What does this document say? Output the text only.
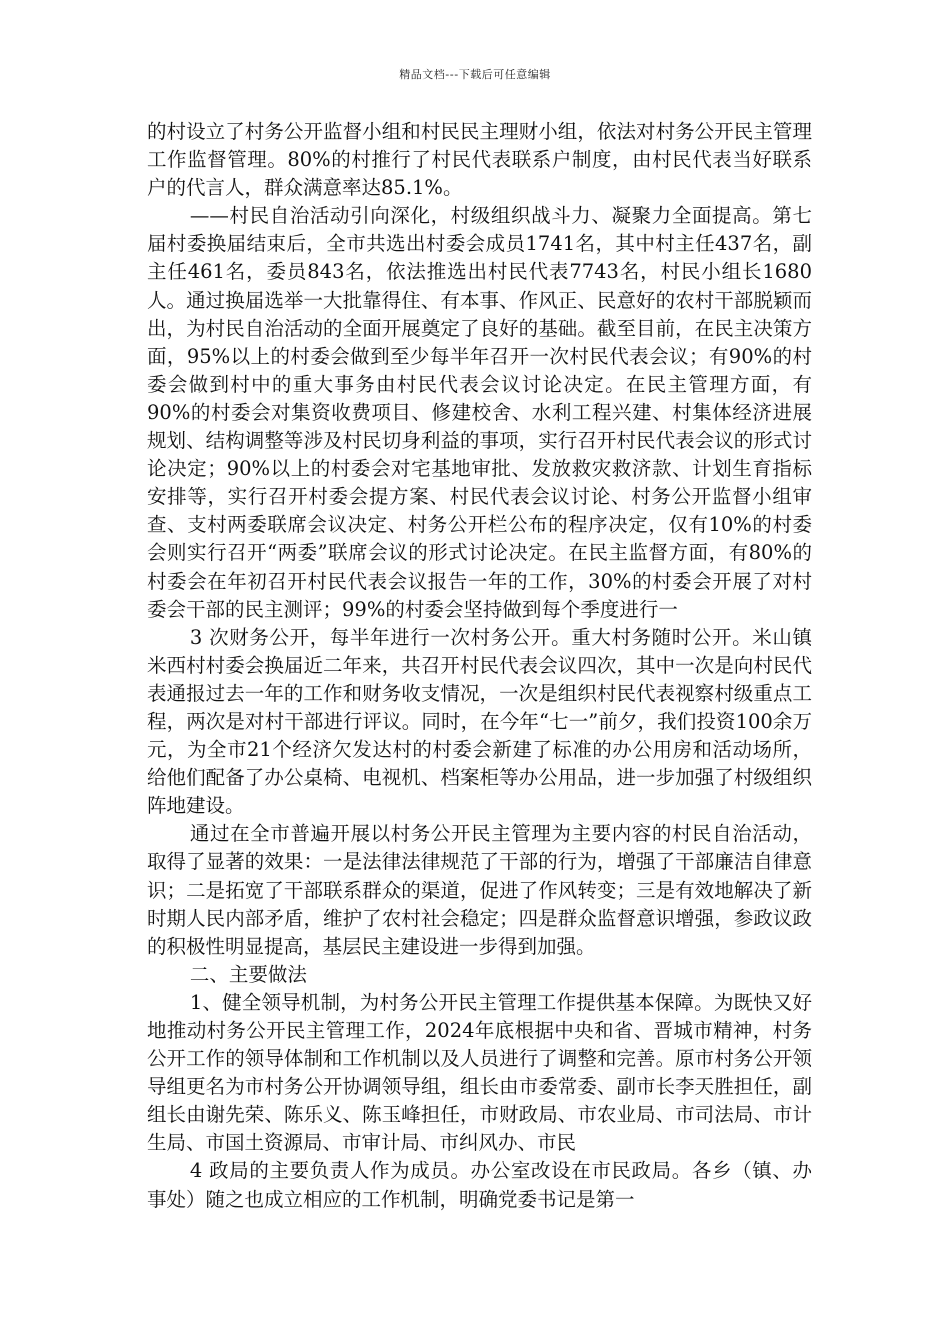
精品文档---下载后可任意编辑

的村设立了村务公开监督小组和村民民主理财小组，依法对村务公开民主管理工作监督管理。80%的村推行了村民代表联系户制度，由村民代表当好联系户的代言人，群众满意率达85.1%。

——村民自治活动引向深化，村级组织战斗力、凝聚力全面提高。第七届村委换届结束后，全市共选出村委会成员1741名，其中村主任437名，副主任461名，委员843名，依法推选出村民代表7743名，村民小组长1680人。通过换届选举一大批靠得住、有本事、作风正、民意好的农村干部脱颖而出，为村民自治活动的全面开展奠定了良好的基础。截至目前，在民主决策方面，95%以上的村委会做到至少每半年召开一次村民代表会议；有90%的村委会做到村中的重大事务由村民代表会议讨论决定。在民主管理方面，有90%的村委会对集资收费项目、修建校舍、水利工程兴建、村集体经济进展规划、结构调整等涉及村民切身利益的事项，实行召开村民代表会议的形式讨论决定；90%以上的村委会对宅基地审批、发放救灾救济款、计划生育指标安排等，实行召开村委会提方案、村民代表会议讨论、村务公开监督小组审查、支村两委联席会议决定、村务公开栏公布的程序决定，仅有10%的村委会则实行召开“两委”联席会议的形式讨论决定。在民主监督方面，有80%的村委会在年初召开村民代表会议报告一年的工作，30%的村委会开展了对村委会干部的民主测评；99%的村委会坚持做到每个季度进行一

3 次财务公开，每半年进行一次村务公开。重大村务随时公开。米山镇米西村村委会换届近二年来，共召开村民代表会议四次，其中一次是向村民代表通报过去一年的工作和财务收支情况，一次是组织村民代表视察村级重点工程，两次是对村干部进行评议。同时，在今年“七一”前夕，我们投资100余万元，为全市21个经济欠发达村的村委会新建了标准的办公用房和活动场所，给他们配备了办公桌椅、电视机、档案柜等办公用品，进一步加强了村级组织阵地建设。

通过在全市普遍开展以村务公开民主管理为主要内容的村民自治活动，取得了显著的效果：一是法律法律规范了干部的行为，增强了干部廉洁自律意识；二是拓宽了干部联系群众的渠道，促进了作风转变；三是有效地解决了新时期人民内部矛盾，维护了农村社会稳定；四是群众监督意识增强，参政议政的积极性明显提高，基层民主建设进一步得到加强。

二、主要做法

1、健全领导机制，为村务公开民主管理工作提供基本保障。为既快又好地推动村务公开民主管理工作，2024年底根据中央和省、晋城市精神，村务公开工作的领导体制和工作机制以及人员进行了调整和完善。原市村务公开领导组更名为市村务公开协调领导组，组长由市委常委、副市长李天胜担任，副组长由谢先荣、陈乐义、陈玉峰担任，市财政局、市农业局、市司法局、市计生局、市国土资源局、市审计局、市纠风办、市民

4 政局的主要负责人作为成员。办公室改设在市民政局。各乡（镇、办事处）随之也成立相应的工作机制，明确党委书记是第一
